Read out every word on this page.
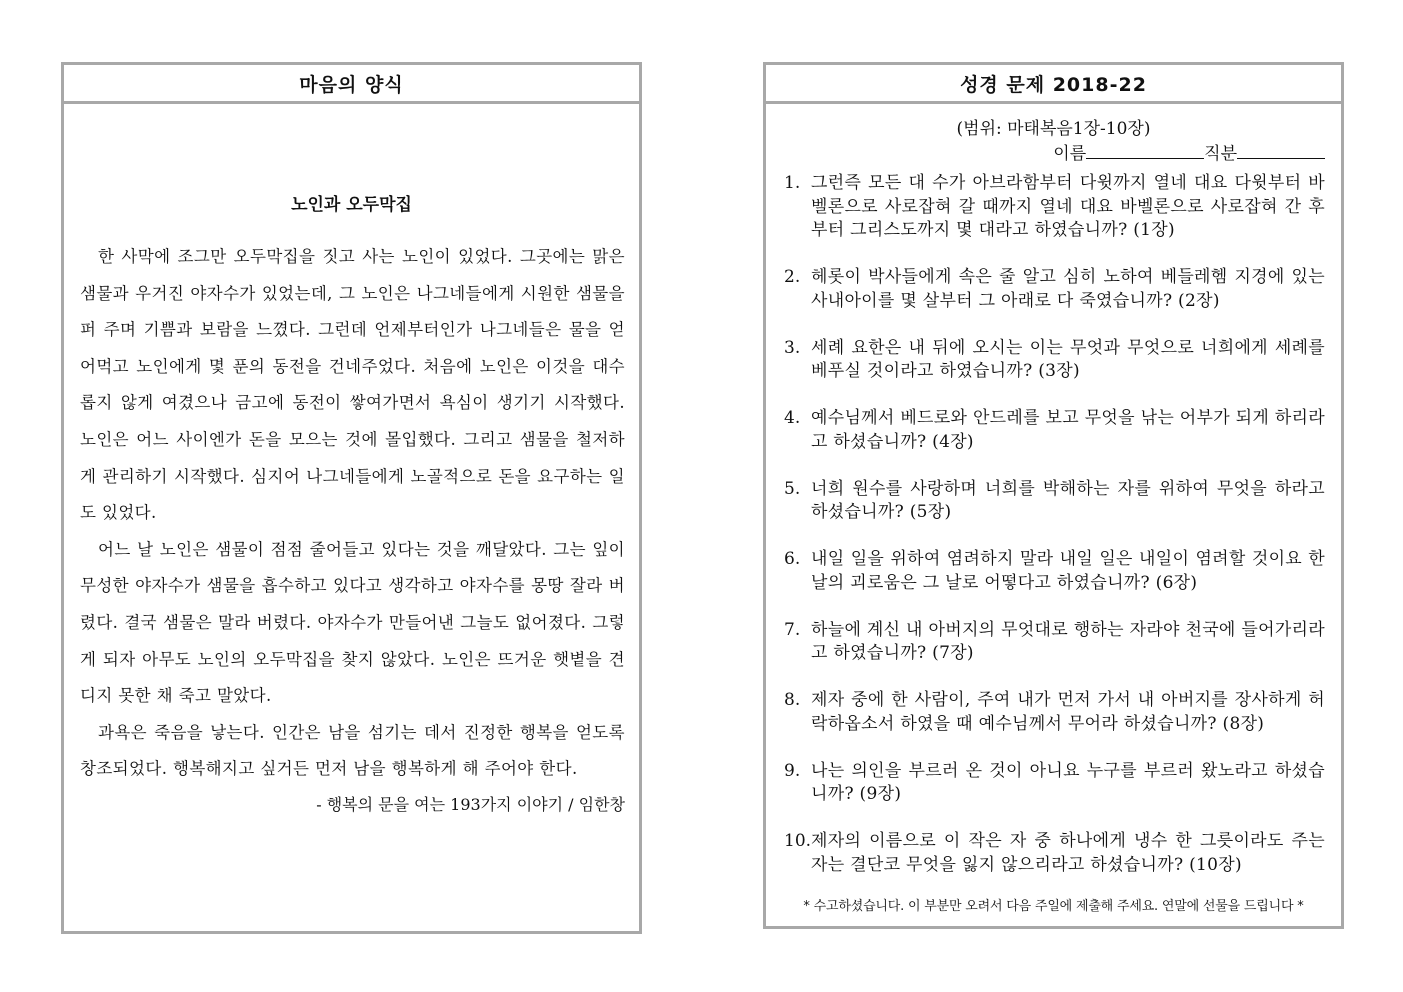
마음의 양식
노인과 오두막집

한 사막에 조그만 오두막집을 짓고 사는 노인이 있었다. 그곳에는 맑은 샘물과 우거진 야자수가 있었는데, 그 노인은 나그네들에게 시원한 샘물을 퍼 주며 기쁨과 보람을 느꼈다. 그런데 언제부터인가 나그네들은 물을 얻어먹고 노인에게 몇 푼의 동전을 건네주었다. 처음에 노인은 이것을 대수롭지 않게 여겼으나 금고에 동전이 쌓여가면서 욕심이 생기기 시작했다. 노인은 어느 사이엔가 돈을 모으는 것에 몰입했다. 그리고 샘물을 철저하게 관리하기 시작했다. 심지어 나그네들에게 노골적으로 돈을 요구하는 일도 있었다.

어느 날 노인은 샘물이 점점 줄어들고 있다는 것을 깨달았다. 그는 잎이 무성한 야자수가 샘물을 흡수하고 있다고 생각하고 야자수를 몽땅 잘라 버렸다. 결국 샘물은 말라 버렸다. 야자수가 만들어낸 그늘도 없어졌다. 그렇게 되자 아무도 노인의 오두막집을 찾지 않았다. 노인은 뜨거운 햇볕을 견디지 못한 채 죽고 말았다.

과욕은 죽음을 낳는다. 인간은 남을 섬기는 데서 진정한 행복을 얻도록 창조되었다. 행복해지고 싶거든 먼저 남을 행복하게 해 주어야 한다.

- 행복의 문을 여는 193가지 이야기 / 임한창
성경 문제 2018-22
(범위: 마태복음1장-10장)
이름	직분
1. 그런즉 모든 대 수가 아브라함부터 다윗까지 열네 대요 다윗부터 바벨론으로 사로잡혀 갈 때까지 열네 대요 바벨론으로 사로잡혀 간 후부터 그리스도까지 몇 대라고 하였습니까? (1장)
2. 헤롯이 박사들에게 속은 줄 알고 심히 노하여 베들레헴 지경에 있는 사내아이를 몇 살부터 그 아래로 다 죽였습니까? (2장)
3. 세례 요한은 내 뒤에 오시는 이는 무엇과 무엇으로 너희에게 세례를 베푸실 것이라고 하였습니까? (3장)
4. 예수님께서 베드로와 안드레를 보고 무엇을 낚는 어부가 되게 하리라고 하셨습니까? (4장)
5. 너희 원수를 사랑하며 너희를 박해하는 자를 위하여 무엇을 하라고 하셨습니까? (5장)
6. 내일 일을 위하여 염려하지 말라 내일 일은 내일이 염려할 것이요 한 날의 괴로움은 그 날로 어떻다고 하였습니까? (6장)
7. 하늘에 계신 내 아버지의 무엇대로 행하는 자라야 천국에 들어가리라고 하였습니까? (7장)
8. 제자 중에 한 사람이, 주여 내가 먼저 가서 내 아버지를 장사하게 허락하옵소서 하였을 때 예수님께서 무어라 하셨습니까? (8장)
9. 나는 의인을 부르러 온 것이 아니요 누구를 부르러 왔노라고 하셨습니까? (9장)
10. 제자의 이름으로 이 작은 자 중 하나에게 냉수 한 그릇이라도 주는 자는 결단코 무엇을 잃지 않으리라고 하셨습니까? (10장)
* 수고하셨습니다. 이 부분만 오려서 다음 주일에 제출해 주세요. 연말에 선물을 드립니다 *
